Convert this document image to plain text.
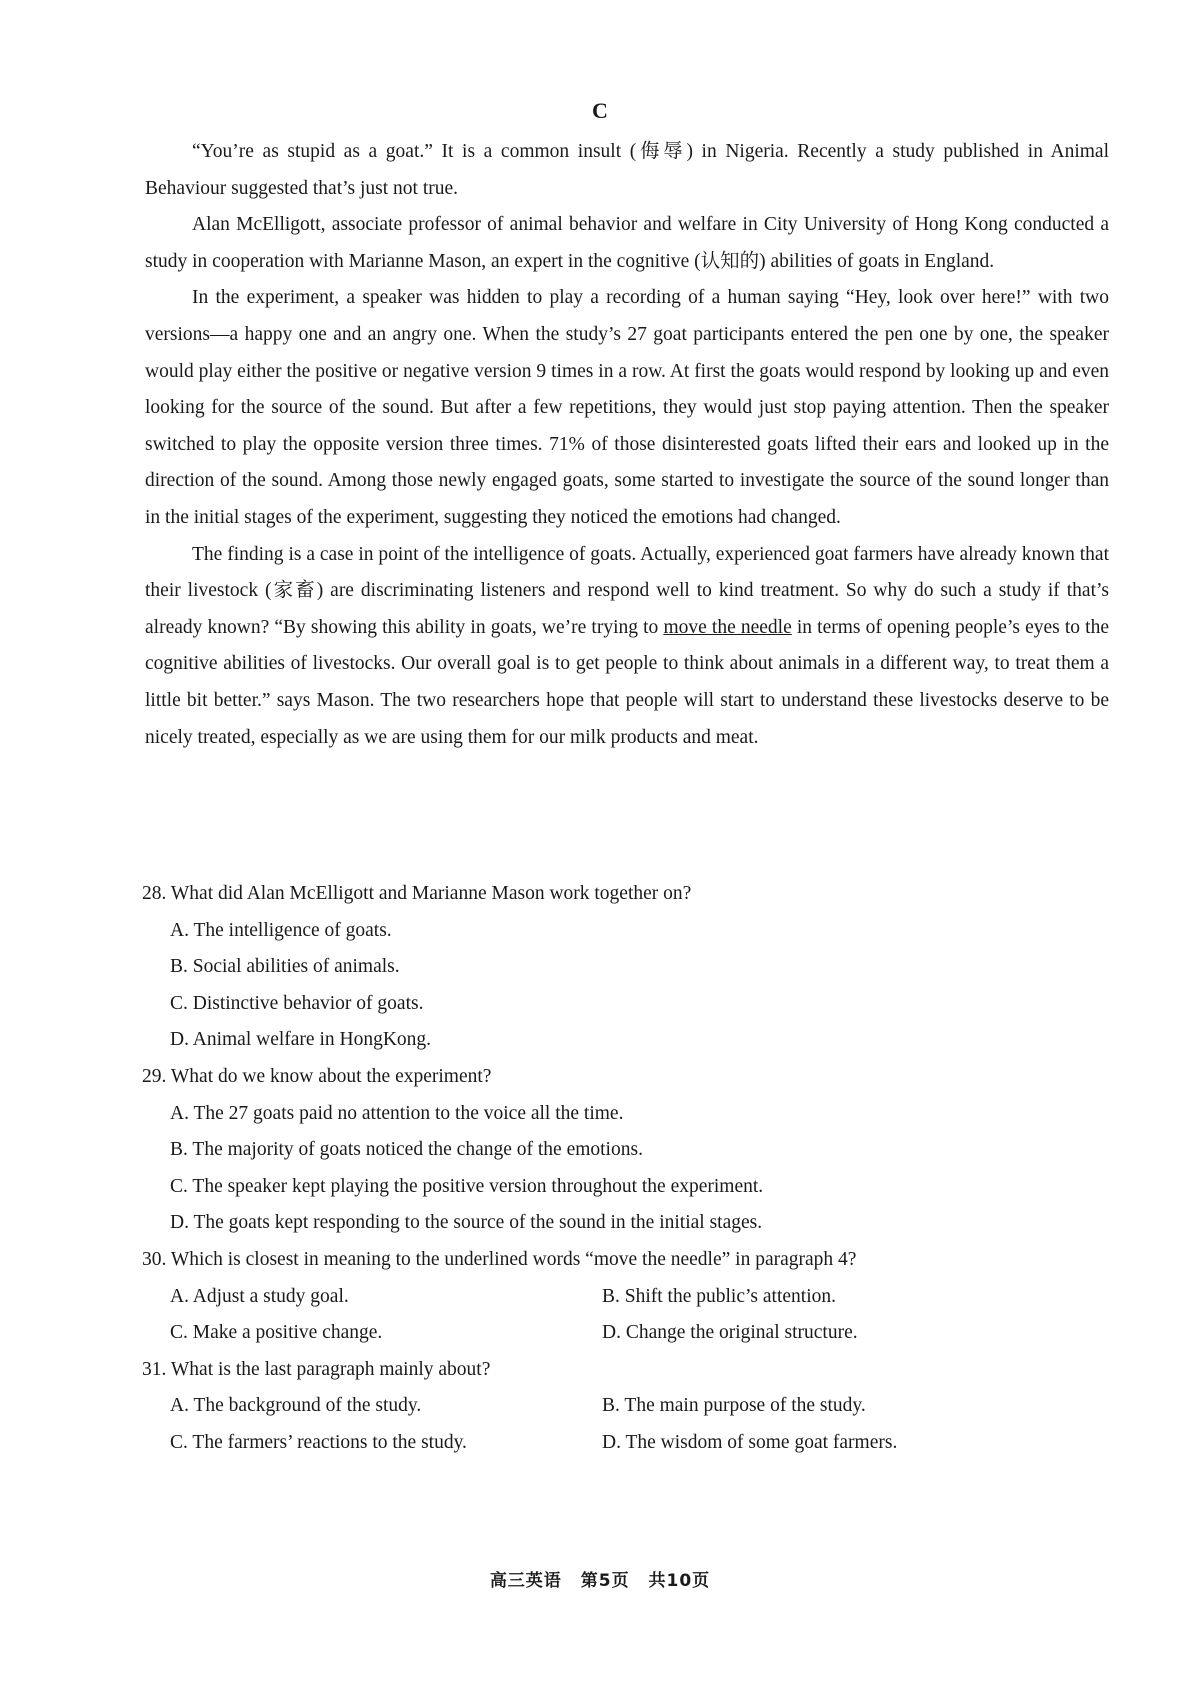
C

“You’re as stupid as a goat.” It is a common insult (侮辱) in Nigeria. Recently a study published in Animal Behaviour suggested that’s just not true.

Alan McElligott, associate professor of animal behavior and welfare in City University of Hong Kong conducted a study in cooperation with Marianne Mason, an expert in the cognitive (认知的) abilities of goats in England.

In the experiment, a speaker was hidden to play a recording of a human saying “Hey, look over here!” with two versions—a happy one and an angry one. When the study’s 27 goat participants entered the pen one by one, the speaker would play either the positive or negative version 9 times in a row. At first the goats would respond by looking up and even looking for the source of the sound. But after a few repetitions, they would just stop paying attention. Then the speaker switched to play the opposite version three times. 71% of those disinterested goats lifted their ears and looked up in the direction of the sound. Among those newly engaged goats, some started to investigate the source of the sound longer than in the initial stages of the experiment, suggesting they noticed the emotions had changed.

The finding is a case in point of the intelligence of goats. Actually, experienced goat farmers have already known that their livestock (家畜) are discriminating listeners and respond well to kind treatment. So why do such a study if that’s already known? “By showing this ability in goats, we’re trying to move the needle in terms of opening people’s eyes to the cognitive abilities of livestocks. Our overall goal is to get people to think about animals in a different way, to treat them a little bit better.” says Mason. The two researchers hope that people will start to understand these livestocks deserve to be nicely treated, especially as we are using them for our milk products and meat.

28. What did Alan McElligott and Marianne Mason work together on?

A. The intelligence of goats.

B. Social abilities of animals.

C. Distinctive behavior of goats.

D. Animal welfare in HongKong.

29. What do we know about the experiment?

A. The 27 goats paid no attention to the voice all the time.

B. The majority of goats noticed the change of the emotions.

C. The speaker kept playing the positive version throughout the experiment.

D. The goats kept responding to the source of the sound in the initial stages.

30. Which is closest in meaning to the underlined words “move the needle” in paragraph 4?

A. Adjust a study goal.	B. Shift the public’s attention.
C. Make a positive change.	D. Change the original structure.

31. What is the last paragraph mainly about?

A. The background of the study.	B. The main purpose of the study.
C. The farmers’ reactions to the study.	D. The wisdom of some goat farmers.
高三英语 第5页 共10页
